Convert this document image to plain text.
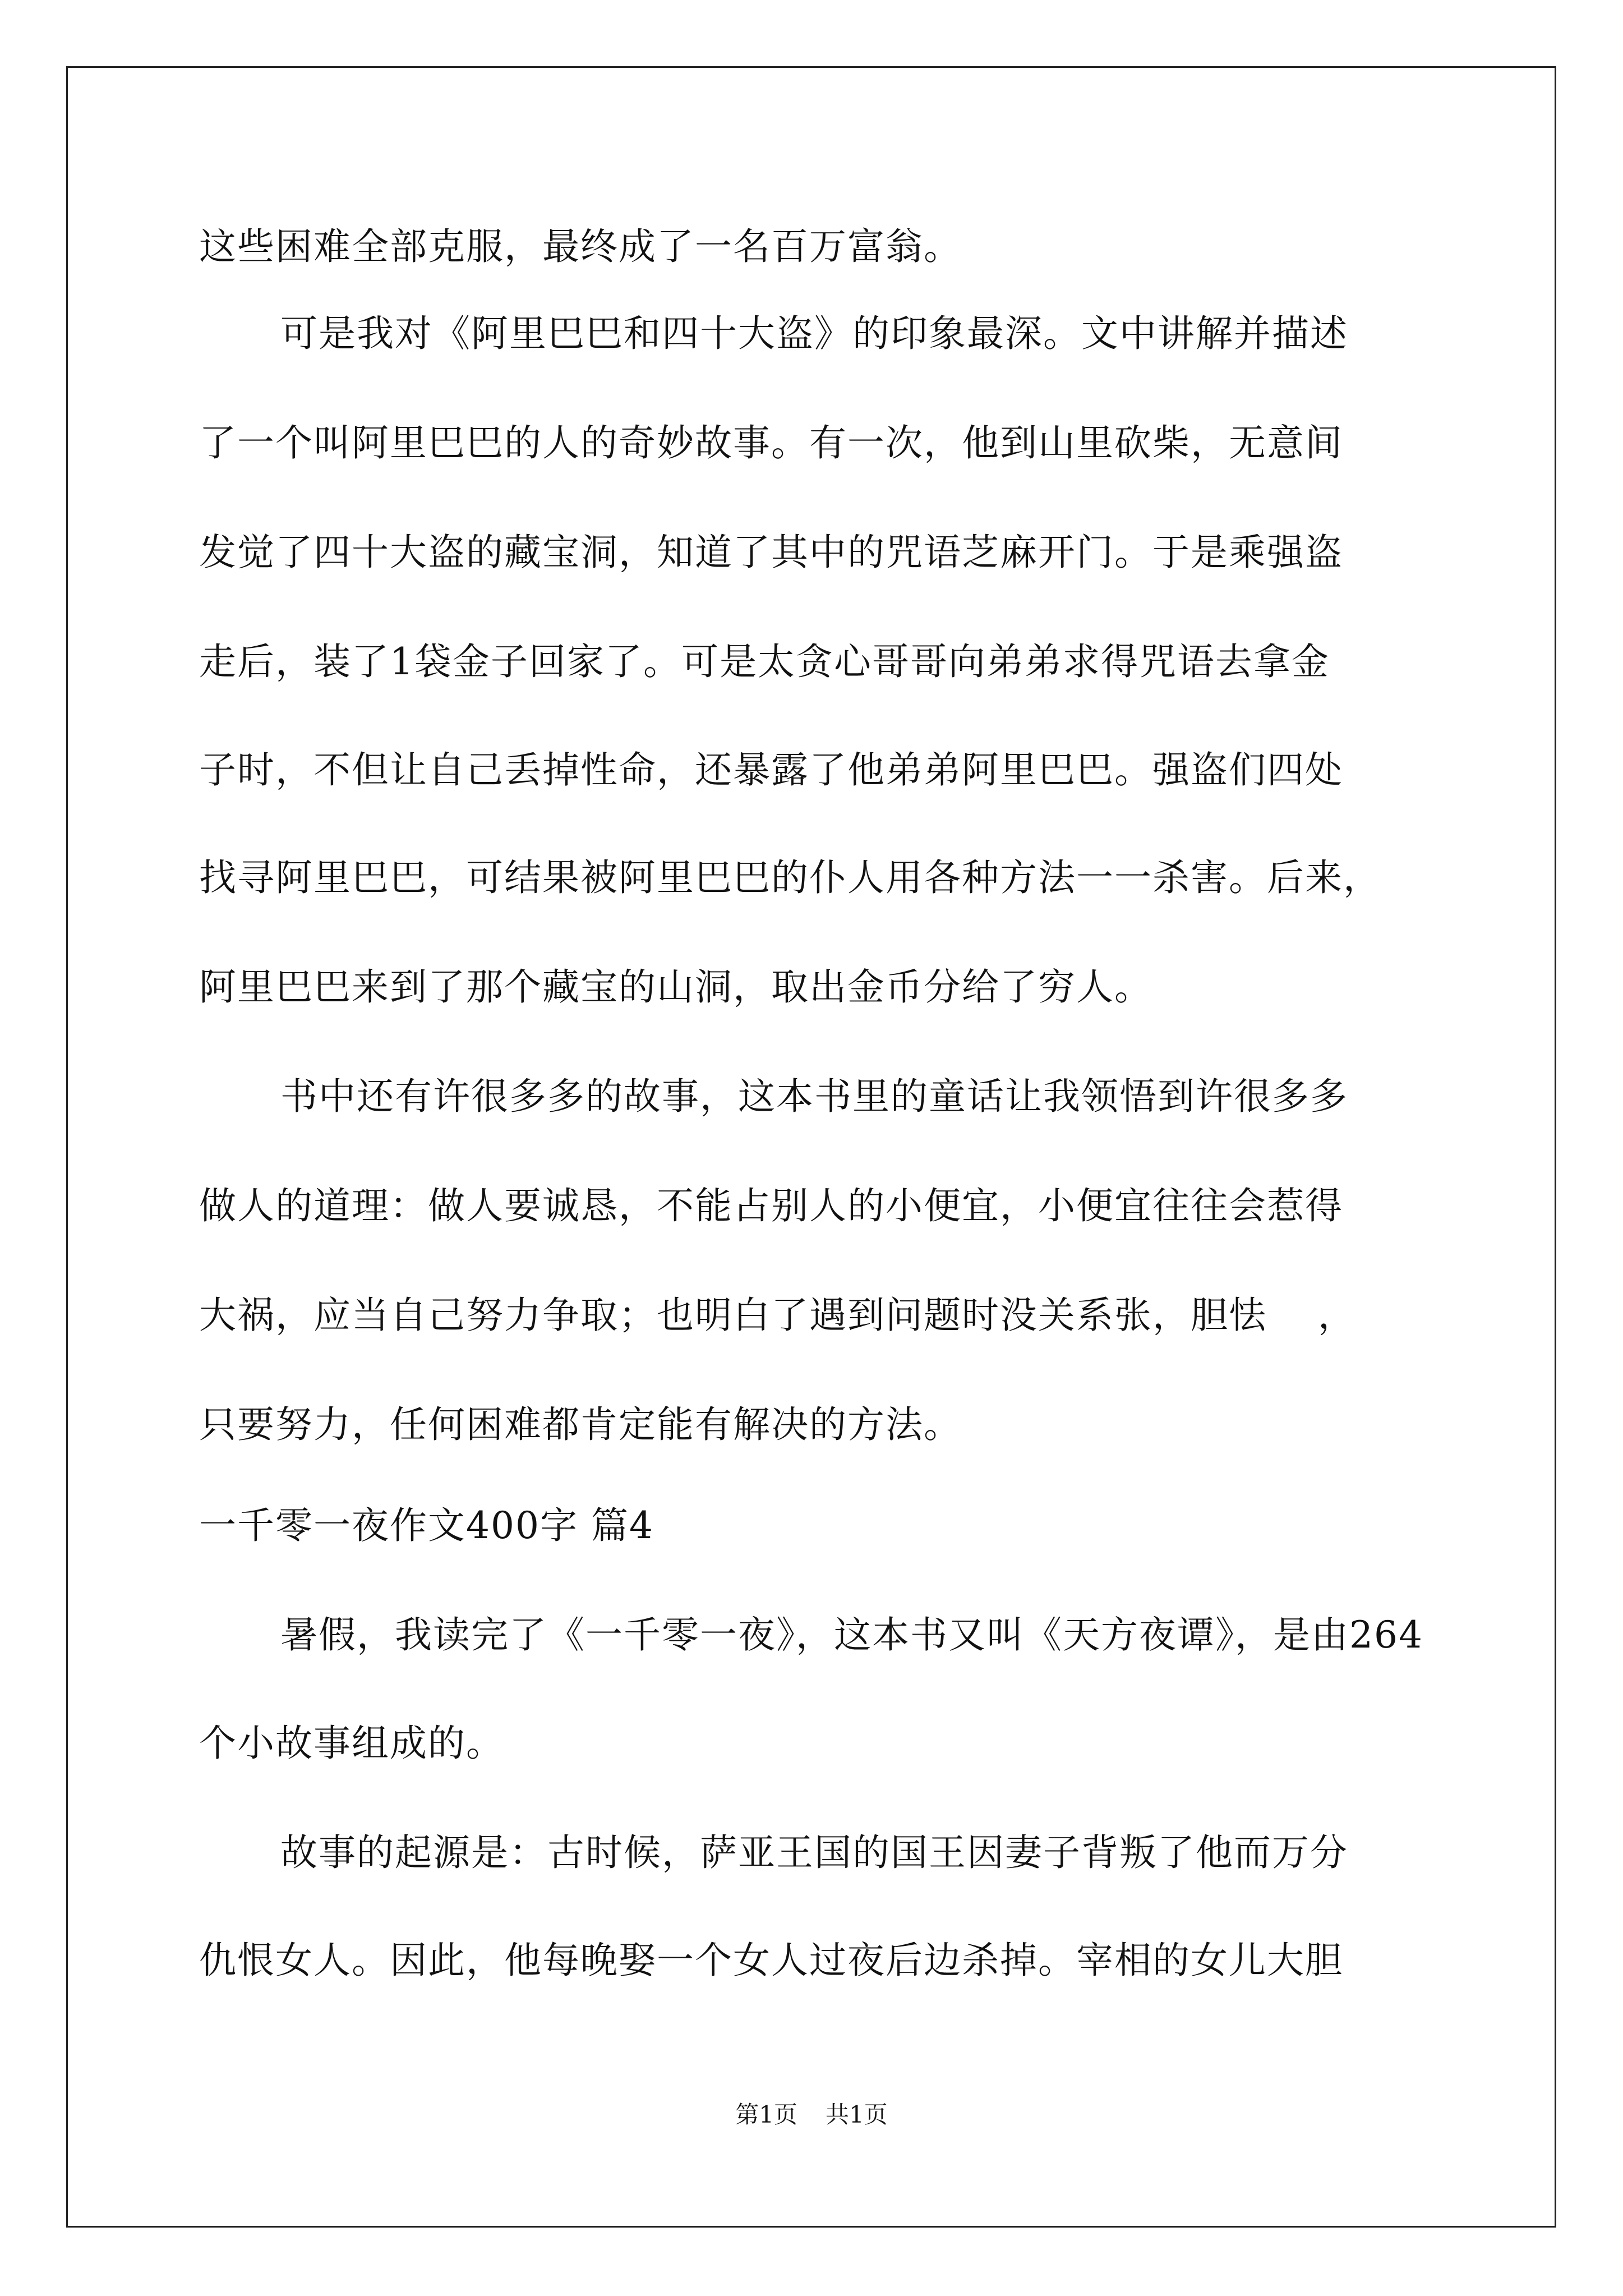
这些困难全部克服，最终成了一名百万富翁。
可是我对《阿里巴巴和四十大盗》的印象最深。文中讲解并描述
了一个叫阿里巴巴的人的奇妙故事。有一次，他到山里砍柴，无意间
发觉了四十大盗的藏宝洞，知道了其中的咒语芝麻开门。于是乘强盗
走后，装了1袋金子回家了。可是太贪心哥哥向弟弟求得咒语去拿金
子时，不但让自己丢掉性命，还暴露了他弟弟阿里巴巴。强盗们四处
找寻阿里巴巴，可结果被阿里巴巴的仆人用各种方法一一杀害。后来，
阿里巴巴来到了那个藏宝的山洞，取出金币分给了穷人。
书中还有许很多多的故事，这本书里的童话让我领悟到许很多多
做人的道理：做人要诚恳，不能占别人的小便宜，小便宜往往会惹得
大祸，应当自己努力争取；也明白了遇到问题时没关系张，胆怯　 ，
只要努力，任何困难都肯定能有解决的方法。
一千零一夜作文400字 篇4
暑假，我读完了《一千零一夜》，这本书又叫《天方夜谭》，是由264
个小故事组成的。
故事的起源是：古时候，萨亚王国的国王因妻子背叛了他而万分
仇恨女人。因此，他每晚娶一个女人过夜后边杀掉。宰相的女儿大胆
第1页 共1页
